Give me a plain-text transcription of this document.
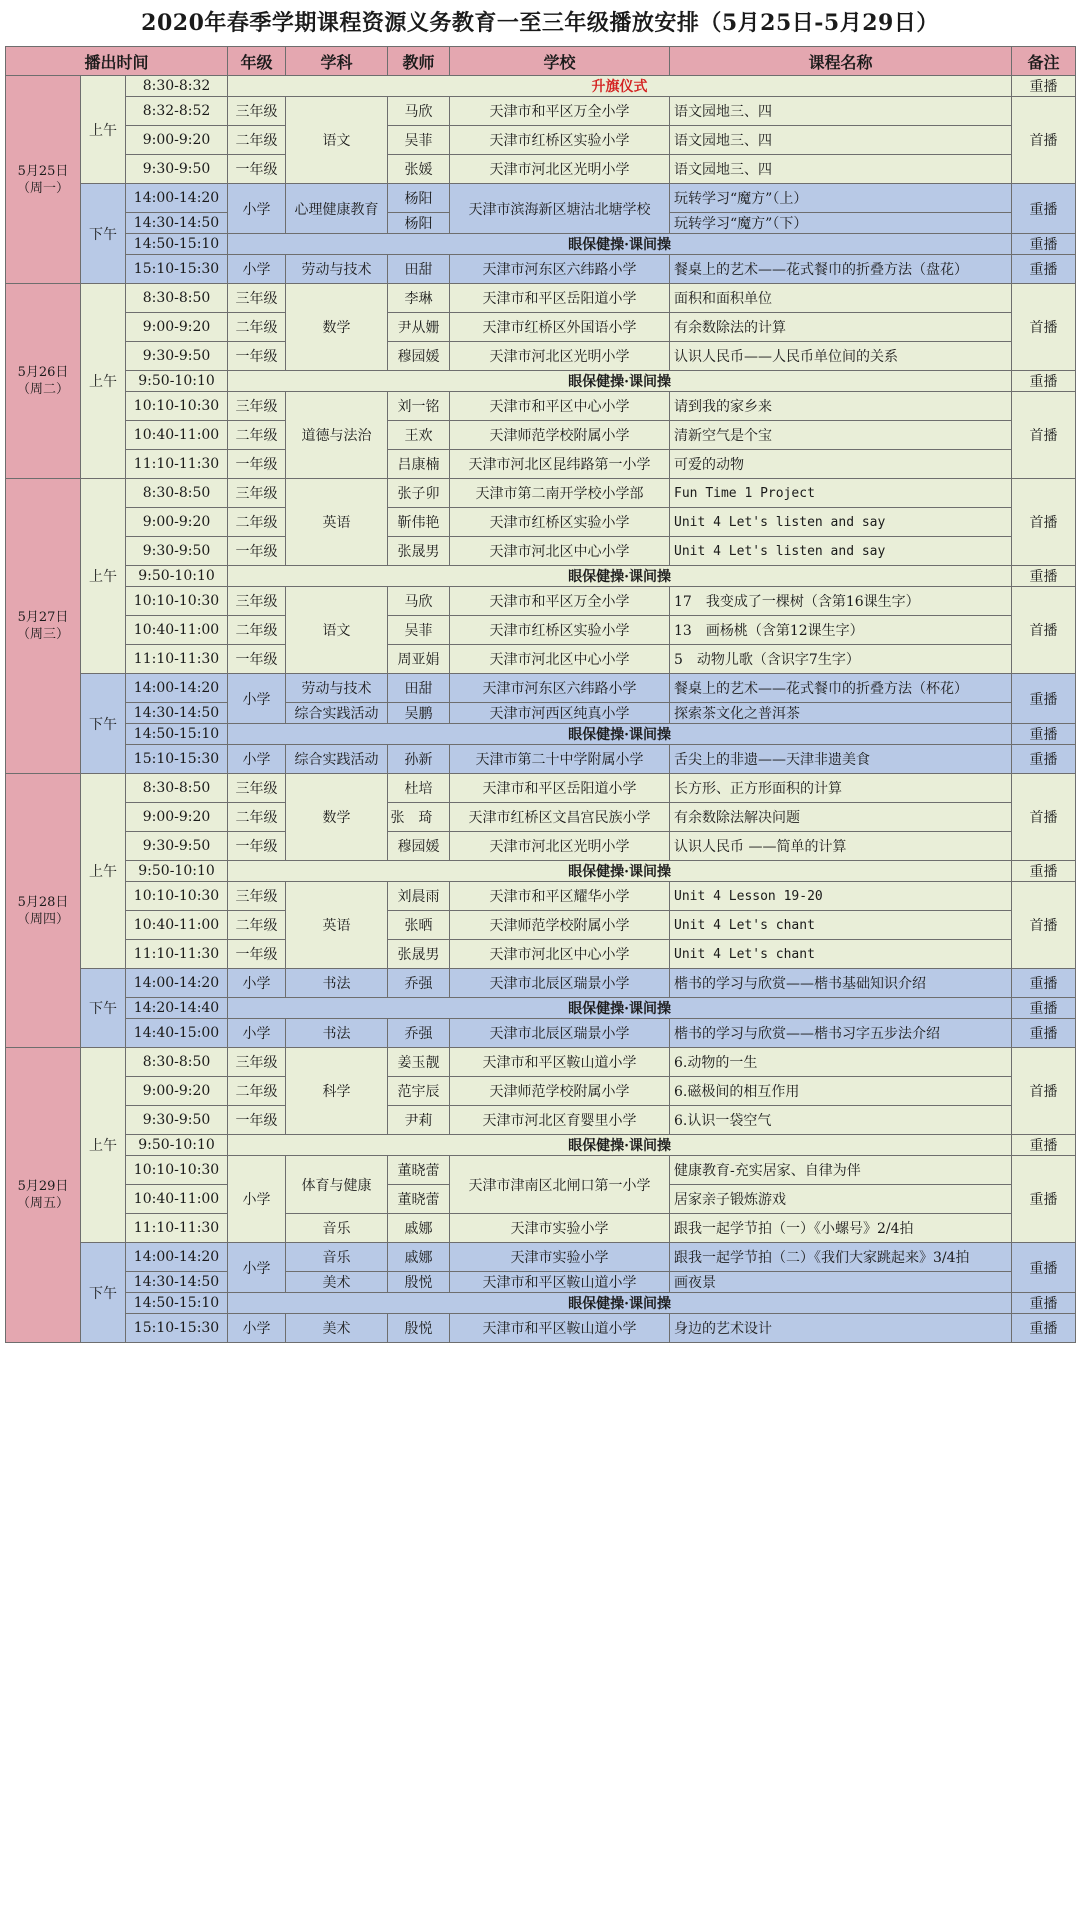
2020年春季学期课程资源义务教育一至三年级播放安排（5月25日-5月29日）
播出时间			年级	学科	教师	学校	课程名称	备注
5月25日
（周一）	上午	8:30-8:32	升旗仪式					重播
		8:32-8:52	三年级	语文	马欣	天津市和平区万全小学	语文园地三、四	首播
		9:00-9:20	二年级		吴菲	天津市红桥区实验小学	语文园地三、四	
		9:30-9:50	一年级		张媛	天津市河北区光明小学	语文园地三、四	
	下午	14:00-14:20	小学	心理健康教育	杨阳	天津市滨海新区塘沽北塘学校	玩转学习“魔方”（上）	重播
		14:30-14:50			杨阳		玩转学习“魔方”（下）	
		14:50-15:10	眼保健操·课间操					重播
		15:10-15:30	小学	劳动与技术	田甜	天津市河东区六纬路小学	餐桌上的艺术——花式餐巾的折叠方法（盘花）	重播
5月26日
（周二）	上午	8:30-8:50	三年级	数学	李琳	天津市和平区岳阳道小学	面积和面积单位	首播
		9:00-9:20	二年级		尹从姗	天津市红桥区外国语小学	有余数除法的计算	
		9:30-9:50	一年级		穆园媛	天津市河北区光明小学	认识人民币——人民币单位间的关系	
		9:50-10:10	眼保健操·课间操					重播
		10:10-10:30	三年级	道德与法治	刘一铭	天津市和平区中心小学	请到我的家乡来	首播
		10:40-11:00	二年级		王欢	天津师范学校附属小学	清新空气是个宝	
		11:10-11:30	一年级		吕康楠	天津市河北区昆纬路第一小学	可爱的动物	
5月27日
（周三）	上午	8:30-8:50	三年级	英语	张子卯	天津市第二南开学校小学部	Fun Time 1 Project	首播
		9:00-9:20	二年级		靳伟艳	天津市红桥区实验小学	Unit 4 Let's listen and say	
		9:30-9:50	一年级		张晟男	天津市河北区中心小学	Unit 4 Let's listen and say	
		9:50-10:10	眼保健操·课间操					重播
		10:10-10:30	三年级	语文	马欣	天津市和平区万全小学	17　我变成了一棵树（含第16课生字）	首播
		10:40-11:00	二年级		吴菲	天津市红桥区实验小学	13　画杨桃（含第12课生字）	
		11:10-11:30	一年级		周亚娟	天津市河北区中心小学	5　动物儿歌（含识字7生字）	
	下午	14:00-14:20	小学	劳动与技术	田甜	天津市河东区六纬路小学	餐桌上的艺术——花式餐巾的折叠方法（杯花）	重播
		14:30-14:50		综合实践活动	吴鹏	天津市河西区纯真小学	探索茶文化之普洱茶	
		14:50-15:10	眼保健操·课间操					重播
		15:10-15:30	小学	综合实践活动	孙新	天津市第二十中学附属小学	舌尖上的非遗——天津非遗美食	重播
5月28日
（周四）	上午	8:30-8:50	三年级	数学	杜培	天津市和平区岳阳道小学	长方形、正方形面积的计算	首播
		9:00-9:20	二年级		张琦	天津市红桥区文昌宫民族小学	有余数除法解决问题	
		9:30-9:50	一年级		穆园媛	天津市河北区光明小学	认识人民币 ——简单的计算	
		9:50-10:10	眼保健操·课间操					重播
		10:10-10:30	三年级	英语	刘晨雨	天津市和平区耀华小学	Unit 4 Lesson 19-20	首播
		10:40-11:00	二年级		张晒	天津师范学校附属小学	Unit 4 Let's chant	
		11:10-11:30	一年级		张晟男	天津市河北区中心小学	Unit 4 Let's chant	
	下午	14:00-14:20	小学	书法	乔强	天津市北辰区瑞景小学	楷书的学习与欣赏——楷书基础知识介绍	重播
		14:20-14:40	眼保健操·课间操					重播
		14:40-15:00	小学	书法	乔强	天津市北辰区瑞景小学	楷书的学习与欣赏——楷书习字五步法介绍	重播
5月29日
（周五）	上午	8:30-8:50	三年级	科学	姜玉靓	天津市和平区鞍山道小学	6.动物的一生	首播
		9:00-9:20	二年级		范宇辰	天津师范学校附属小学	6.磁极间的相互作用	
		9:30-9:50	一年级		尹莉	天津市河北区育婴里小学	6.认识一袋空气	
		9:50-10:10	眼保健操·课间操					重播
		10:10-10:30	小学	体育与健康	董晓蕾	天津市津南区北闸口第一小学	健康教育-充实居家、自律为伴	重播
		10:40-11:00			董晓蕾		居家亲子锻炼游戏	
		11:10-11:30		音乐	戚娜	天津市实验小学	跟我一起学节拍（一）《小螺号》2/4拍	
	下午	14:00-14:20	小学	音乐	戚娜	天津市实验小学	跟我一起学节拍（二）《我们大家跳起来》3/4拍	重播
		14:30-14:50		美术	殷悦	天津市和平区鞍山道小学	画夜景	
		14:50-15:10	眼保健操·课间操					重播
		15:10-15:30	小学	美术	殷悦	天津市和平区鞍山道小学	身边的艺术设计	重播
